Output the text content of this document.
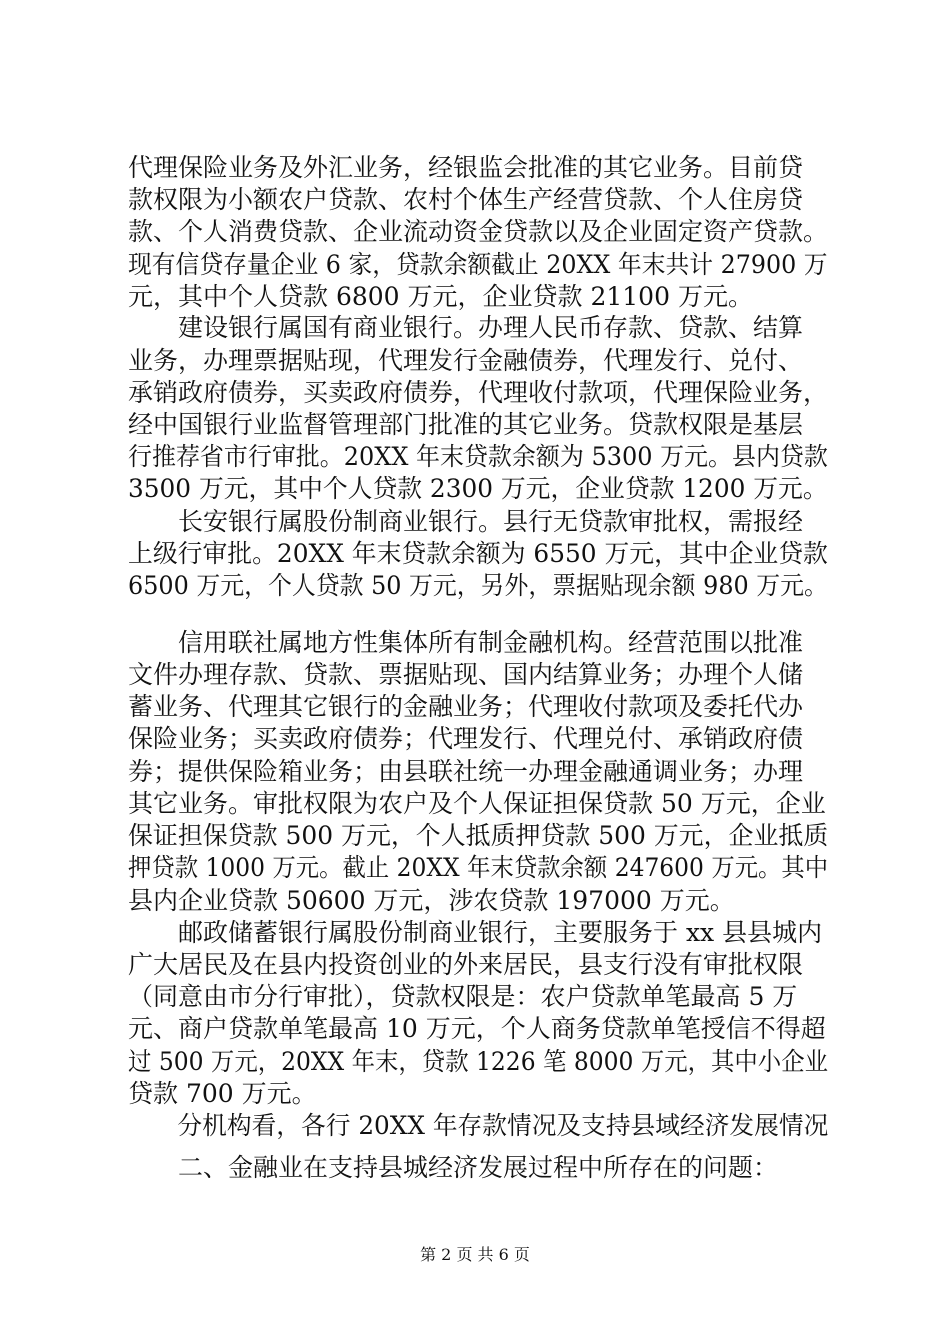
代理保险业务及外汇业务，经银监会批准的其它业务。目前贷
款权限为小额农户贷款、农村个体生产经营贷款、个人住房贷
款、个人消费贷款、企业流动资金贷款以及企业固定资产贷款。
现有信贷存量企业 6 家，贷款余额截止 20XX 年末共计 27900 万
元，其中个人贷款 6800 万元，企业贷款 21100 万元。
　　建设银行属国有商业银行。办理人民币存款、贷款、结算
业务，办理票据贴现，代理发行金融债券，代理发行、兑付、
承销政府债券，买卖政府债券，代理收付款项，代理保险业务，
经中国银行业监督管理部门批准的其它业务。贷款权限是基层
行推荐省市行审批。20XX 年末贷款余额为 5300 万元。县内贷款
3500 万元，其中个人贷款 2300 万元，企业贷款 1200 万元。
　　长安银行属股份制商业银行。县行无贷款审批权，需报经
上级行审批。20XX 年末贷款余额为 6550 万元，其中企业贷款
6500 万元，个人贷款 50 万元，另外，票据贴现余额 980 万元。
　　信用联社属地方性集体所有制金融机构。经营范围以批准
文件办理存款、贷款、票据贴现、国内结算业务；办理个人储
蓄业务、代理其它银行的金融业务；代理收付款项及委托代办
保险业务；买卖政府债券；代理发行、代理兑付、承销政府债
券；提供保险箱业务；由县联社统一办理金融通调业务；办理
其它业务。审批权限为农户及个人保证担保贷款 50 万元，企业
保证担保贷款 500 万元，个人抵质押贷款 500 万元，企业抵质
押贷款 1000 万元。截止 20XX 年末贷款余额 247600 万元。其中
县内企业贷款 50600 万元，涉农贷款 197000 万元。
　　邮政储蓄银行属股份制商业银行，主要服务于 xx 县县城内
广大居民及在县内投资创业的外来居民，县支行没有审批权限
（同意由市分行审批），贷款权限是：农户贷款单笔最高 5 万
元、商户贷款单笔最高 10 万元，个人商务贷款单笔授信不得超
过 500 万元，20XX 年末，贷款 1226 笔 8000 万元，其中小企业
贷款 700 万元。
　　分机构看，各行 20XX 年存款情况及支持县域经济发展情况
　　二、金融业在支持县城经济发展过程中所存在的问题：
第 2 页 共 6 页
